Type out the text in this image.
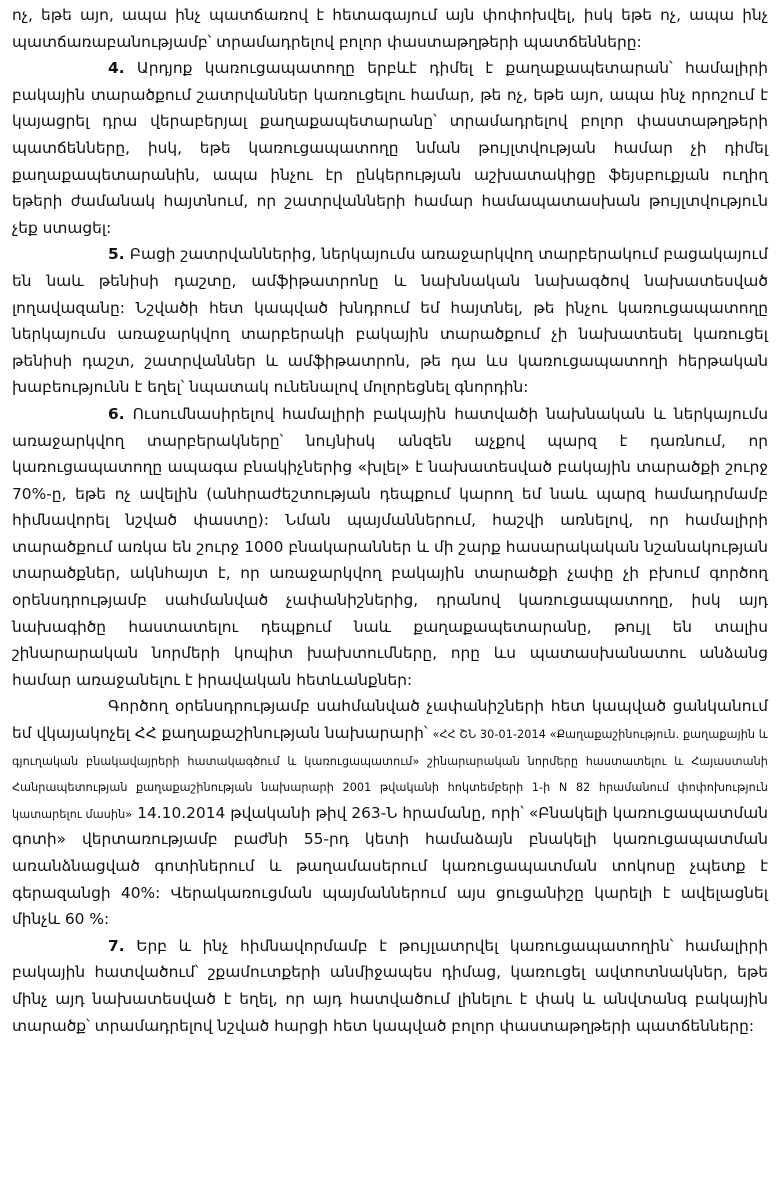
ոչ, եթե այո, ապա ինչ պատճառով է հետագայում այն փոփոխվել, իսկ եթե ոչ, ապա ինչ պատճառաբանությամբ՝ տրամադրելով բոլոր փաստաթղթերի պատճենները:

4. Արդյոք կառուցապատողը երբևէ դիմել է քաղաքապետարան՝ համալիրի բակային տարածքում շատրվաններ կառուցելու համար, թե ոչ, եթե այո, ապա ինչ որոշում է կայացրել դրա վերաբերյալ քաղաքապետարանը՝ տրամադրելով բոլոր փաստաթղթերի պատճենները, իսկ, եթե կառուցապատողը նման թույլտվության համար չի դիմել քաղաքապետարանին, ապա ինչու էր ընկերության աշխատակիցը ֆեյսբուքյան ուղիղ եթերի ժամանակ հայտնում, որ շատրվանների համար համապատասխան թույլտվություն չեք ստացել:

5. Բացի շատրվաններից, ներկայումս առաջարկվող տարբերակում բացակայում են նաև թենիսի դաշտը, ամֆիթատրոնը և նախնական նախագծով նախատեսված լողավազանը: Նշվածի հետ կապված խնդրում եմ հայտնել, թե ինչու կառուցապատողը ներկայումս առաջարկվող տարբերակի բակային տարածքում չի նախատեսել կառուցել թենիսի դաշտ, շատրվաններ և ամֆիթատրոն, թե դա ևս կառուցապատողի հերթական խաբեությունն է եղել՝ նպատակ ունենալով մոլորեցնել գնորդին:

6. Ուսումնասիրելով համալիրի բակային հատվածի նախնական և ներկայումս առաջարկվող տարբերակները՝ նույնիսկ անզեն աչքով պարզ է դառնում, որ կառուցապատողը ապագա բնակիչներից «խլել» է նախատեսված բակային տարածքի շուրջ 70%-ը, եթե ոչ ավելին (անհրաժեշտության դեպքում կարող եմ նաև պարզ համադրմամբ հիմնավորել նշված փաստը): Նման պայմաններում, հաշվի առնելով, որ համալիրի տարածքում առկա են շուրջ 1000 բնակարաններ և մի շարք հասարակական նշանակության տարածքներ, ակնհայտ է, որ առաջարկվող բակային տարածքի չափը չի բխում գործող օրենսդրությամբ սահմանված չափանիշներից, դրանով կառուցապատողը, իսկ այդ նախագիծը հաստատելու դեպքում նաև քաղաքապետարանը, թույլ են տալիս շինարարական նորմերի կոպիտ խախտումները, որը ևս պատասխանատու անձանց համար առաջանելու է իրավական հետևանքներ:

Գործող օրենսդրությամբ սահմանված չափանիշների հետ կապված ցանկանում եմ վկայակոչել ՀՀ քաղաքաշինության նախարարի՝ «ՀՀ ՇՆ 30-01-2014 «Քաղաքաշինություն. քաղաքային և գյուղական բնակավայրերի հատակագծում և կառուցապատում» շինարարական նորմերը հաստատելու և Հայաստանի Հանրապետության քաղաքաշինության նախարարի 2001 թվականի հոկտեմբերի 1-ի N 82 հրամանում փոփոխություն կատարելու մասին» 14.10.2014 թվականի թիվ 263-Ն հրամանը, որի՝ «Բնակելի կառուցապատման գոտի» վերտառությամբ բաժնի 55-րդ կետի համաձայն բնակելի կառուցապատման առանձնացված գոտիներում և թաղամասերում կառուցապատման տոկոսը չպետք է գերազանցի 40%: Վերակառուցման պայմաններում այս ցուցանիշը կարելի է ավելացնել մինչև 60 %:

7. Երբ և ինչ հիմնավորմամբ է թույլատրվել կառուցապատողին՝ համալիրի բակային հատվածում՝ շքամուտքերի անմիջապես դիմաց, կառուցել ավտոտնակներ, եթե մինչ այդ նախատեսված է եղել, որ այդ հատվածում լինելու է փակ և անվտանգ բակային տարածք՝ տրամադրելով նշված հարցի հետ կապված բոլոր փաստաթղթերի պատճենները:
